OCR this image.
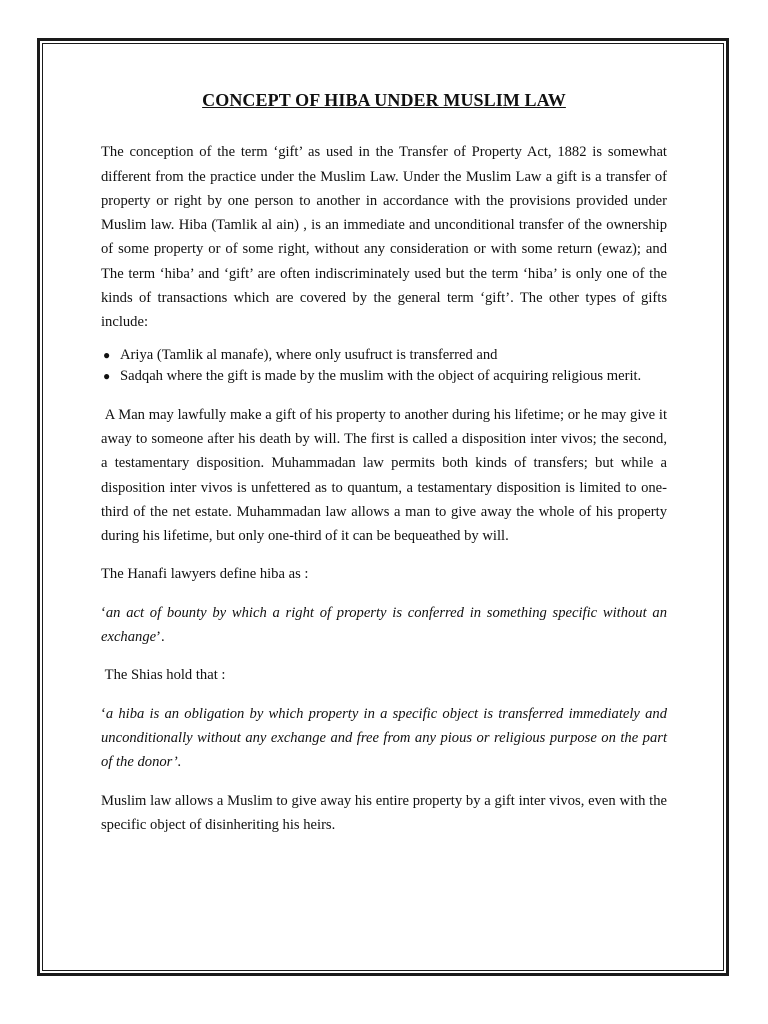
CONCEPT OF HIBA UNDER MUSLIM LAW

The conception of the term ‘gift’ as used in the Transfer of Property Act, 1882 is somewhat different from the practice under the Muslim Law. Under the Muslim Law a gift is a transfer of property or right by one person to another in accordance with the provisions provided under Muslim law. Hiba (Tamlik al ain) , is an immediate and unconditional transfer of the ownership of some property or of some right, without any consideration or with some return (ewaz); and The term ‘hiba’ and ‘gift’ are often indiscriminately used but the term ‘hiba’ is only one of the kinds of transactions which are covered by the general term ‘gift’. The other types of gifts include:

● Ariya (Tamlik al manafe), where only usufruct is transferred and
● Sadqah where the gift is made by the muslim with the object of acquiring religious merit.

A Man may lawfully make a gift of his property to another during his lifetime; or he may give it away to someone after his death by will. The first is called a disposition inter vivos; the second, a testamentary disposition. Muhammadan law permits both kinds of transfers; but while a disposition inter vivos is unfettered as to quantum, a testamentary disposition is limited to one-third of the net estate. Muhammadan law allows a man to give away the whole of his property during his lifetime, but only one-third of it can be bequeathed by will.

The Hanafi lawyers define hiba as :

‘an act of bounty by which a right of property is conferred in something specific without an exchange’.

The Shias hold that :

‘a hiba is an obligation by which property in a specific object is transferred immediately and unconditionally without any exchange and free from any pious or religious purpose on the part of the donor’.

Muslim law allows a Muslim to give away his entire property by a gift inter vivos, even with the specific object of disinheriting his heirs.
